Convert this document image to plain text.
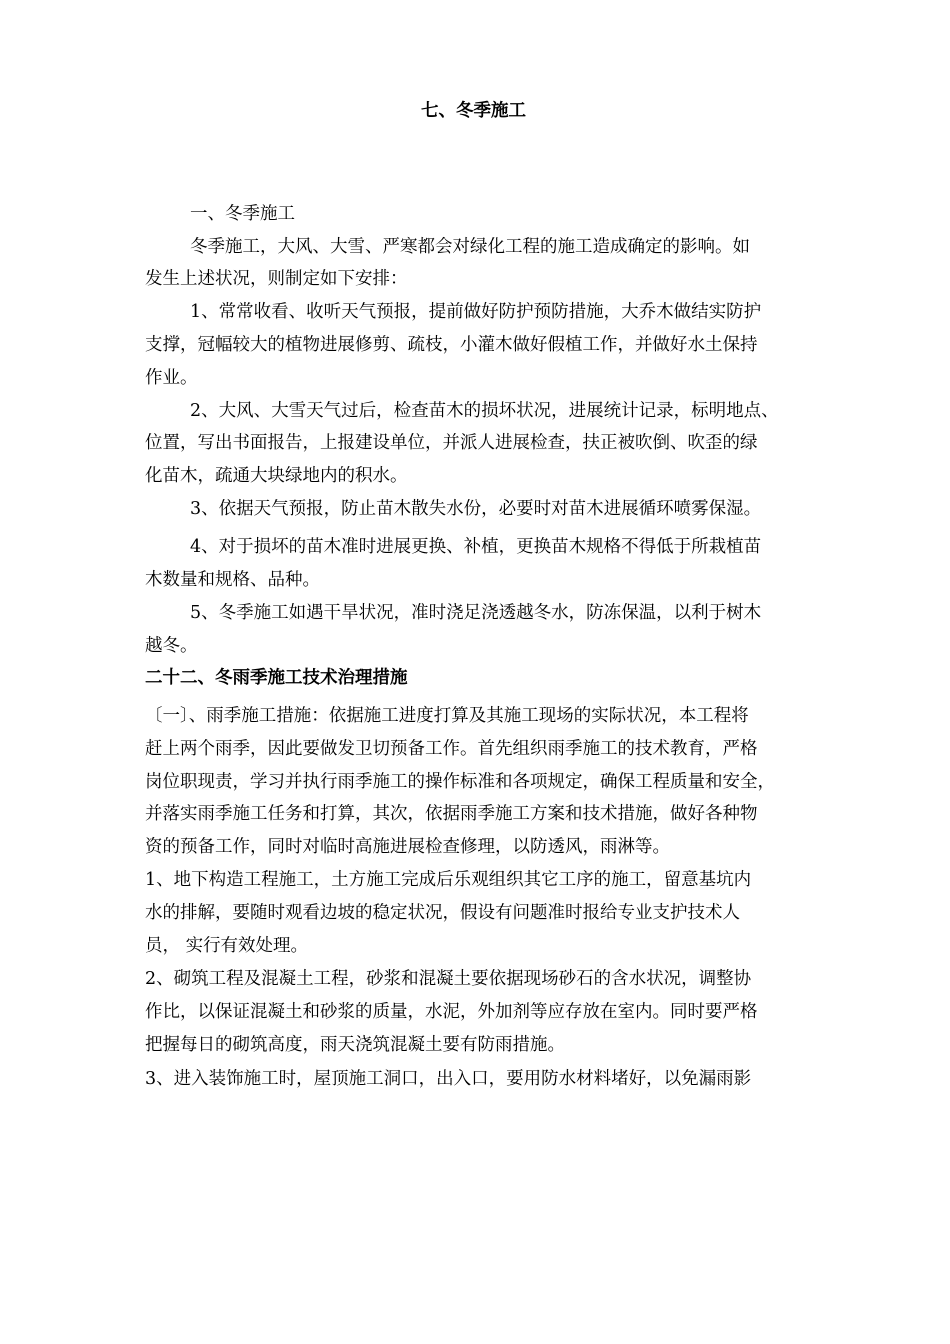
七、冬季施工

一、冬季施工

冬季施工，大风、大雪、严寒都会对绿化工程的施工造成确定的影响。如

发生上述状况，则制定如下安排：

1、常常收看、收听天气预报，提前做好防护预防措施，大乔木做结实防护

支撑，冠幅较大的植物进展修剪、疏枝，小灌木做好假植工作，并做好水土保持

作业。

2、大风、大雪天气过后，检查苗木的损坏状况，进展统计记录，标明地点、

位置，写出书面报告，上报建设单位，并派人进展检查，扶正被吹倒、吹歪的绿

化苗木，疏通大块绿地内的积水。

3、依据天气预报，防止苗木散失水份，必要时对苗木进展循环喷雾保湿。

4、对于损坏的苗木准时进展更换、补植，更换苗木规格不得低于所栽植苗

木数量和规格、品种。

5、冬季施工如遇干旱状况，准时浇足浇透越冬水，防冻保温，以利于树木

越冬。

二十二、冬雨季施工技术治理措施

〔一〕、雨季施工措施：依据施工进度打算及其施工现场的实际状况，本工程将

赶上两个雨季，因此要做发卫切预备工作。首先组织雨季施工的技术教育，严格

岗位职现责，学习并执行雨季施工的操作标准和各项规定，确保工程质量和安全，

并落实雨季施工任务和打算，其次，依据雨季施工方案和技术措施，做好各种物

资的预备工作，同时对临时高施进展检查修理，以防透风，雨淋等。

1、地下构造工程施工，土方施工完成后乐观组织其它工序的施工，留意基坑内

水的排解，要随时观看边坡的稳定状况，假设有问题准时报给专业支护技术人

员， 实行有效处理。

2、砌筑工程及混凝土工程，砂浆和混凝土要依据现场砂石的含水状况，调整协

作比，以保证混凝土和砂浆的质量，水泥，外加剂等应存放在室内。同时要严格

把握每日的砌筑高度，雨天浇筑混凝土要有防雨措施。

3、进入装饰施工时，屋顶施工洞口，出入口，要用防水材料堵好，以免漏雨影
